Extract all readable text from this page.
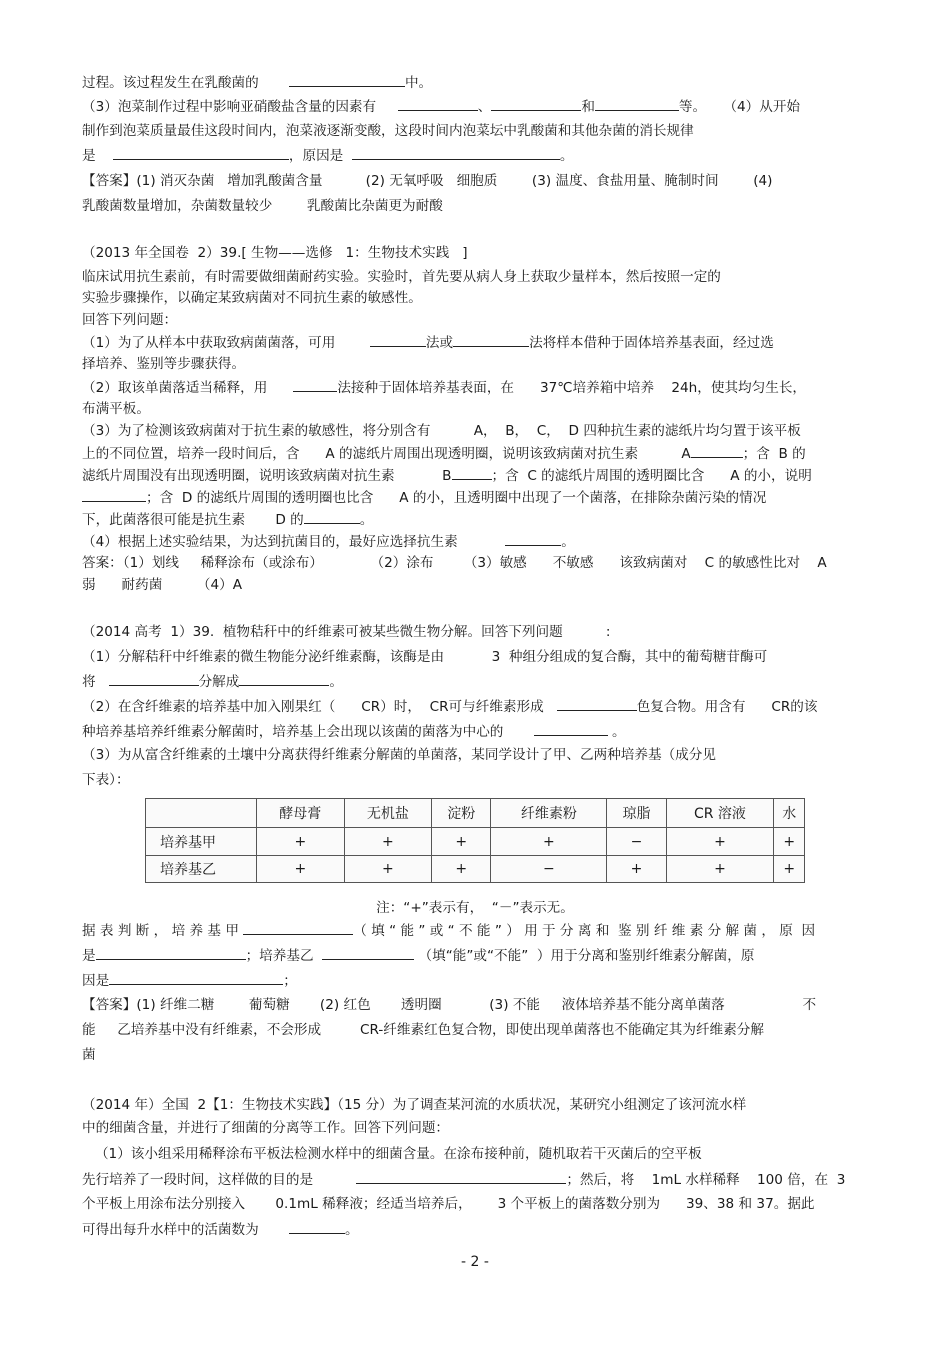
过程。该过程发生在乳酸菌的	中。
（3）泡菜制作过程中影响亚硝酸盐含量的因素有	、	和	等。    （4）从开始
制作到泡菜质量最佳这段时间内，泡菜液逐渐变酸，这段时间内泡菜坛中乳酸菌和其他杂菌的消长规律
是	，原因是	。
【答案】(1) 消灭杂菌   增加乳酸菌含量          (2) 无氧呼吸   细胞质        (3) 温度、食盐用量、腌制时间        (4)
乳酸菌数量增加，杂菌数量较少        乳酸菌比杂菌更为耐酸
（2013 年全国卷  2）39.[ 生物——选修   1：生物技术实践   ]
临床试用抗生素前，有时需要做细菌耐药实验。实验时，首先要从病人身上获取少量样本，然后按照一定的
实验步骤操作，以确定某致病菌对不同抗生素的敏感性。
回答下列问题：
（1）为了从样本中获取致病菌菌落，可用	法或	法将样本借种于固体培养基表面，经过选
择培养、鉴别等步骤获得。
（2）取该单菌落适当稀释，用	法接种于固体培养基表面，在      37℃培养箱中培养    24h，使其均匀生长，
布满平板。
（3）为了检测该致病菌对于抗生素的敏感性，将分别含有          A，  B，  C，  D 四种抗生素的滤纸片均匀置于该平板
上的不同位置，培养一段时间后，含      A 的滤纸片周围出现透明圈，说明该致病菌对抗生素          A	；含  B 的
滤纸片周围没有出现透明圈，说明该致病菌对抗生素           B	；含  C 的滤纸片周围的透明圈比含      A 的小，说明
；含  D 的滤纸片周围的透明圈也比含      A 的小，且透明圈中出现了一个菌落，在排除杂菌污染的情况
下，此菌落很可能是抗生素       D 的	。
（4）根据上述实验结果，为达到抗菌目的，最好应选择抗生素	。
答案：（1）划线     稀释涂布（或涂布）           （2）涂布       （3）敏感      不敏感      该致病菌对    C 的敏感性比对    A
弱      耐药菌        （4）A
（2014 高考  1）39.  植物秸秆中的纤维素可被某些微生物分解。回答下列问题          :
（1）分解秸秆中纤维素的微生物能分泌纤维素酶，该酶是由           3  种组分组成的复合酶，其中的葡萄糖苷酶可
将	分解成	。
（2）在含纤维素的培养基中加入刚果红（      CR）时，  CR可与纤维素形成	色复合物。用含有      CR的该
种培养基培养纤维素分解菌时，培养基上会出现以该菌的菌落为中心的	。
（3）为从富含纤维素的土壤中分离获得纤维素分解菌的单菌落，某同学设计了甲、乙两种培养基（成分见
下表）：
	酵母膏	无机盐	淀粉	纤维素粉	琼脂	CR 溶液	水
培养基甲	+	+	+	+	−	+	+
培养基乙	+	+	+	−	+	+	+
注：“+”表示有，  “－”表示无。
据 表 判 断 ， 培 养 基 甲	（ 填 “ 能 ” 或 “ 不 能 ” ） 用 于 分 离 和  鉴 别 纤 维 素 分 解 菌 ， 原  因
是	；培养基乙	（填“能”或“不能”  ）用于分离和鉴别纤维素分解菌，原
因是	；
【答案】(1) 纤维二糖        葡萄糖       (2) 红色       透明圈           (3) 不能     液体培养基不能分离单菌落                  不
能     乙培养基中没有纤维素，不会形成         CR-纤维素红色复合物，即使出现单菌落也不能确定其为纤维素分解
菌
（2014 年）全国  2【1：生物技术实践】（15 分）为了调查某河流的水质状况，某研究小组测定了该河流水样
中的细菌含量，并进行了细菌的分离等工作。回答下列问题：
（1）该小组采用稀释涂布平板法检测水样中的细菌含量。在涂布接种前，随机取若干灭菌后的空平板
先行培养了一段时间，这样做的目的是	；然后，将    1mL 水样稀释    100 倍，在  3
个平板上用涂布法分别接入       0.1mL 稀释液；经适当培养后，      3 个平板上的菌落数分别为      39、38 和 37。据此
可得出每升水样中的活菌数为	。
- 2 -
